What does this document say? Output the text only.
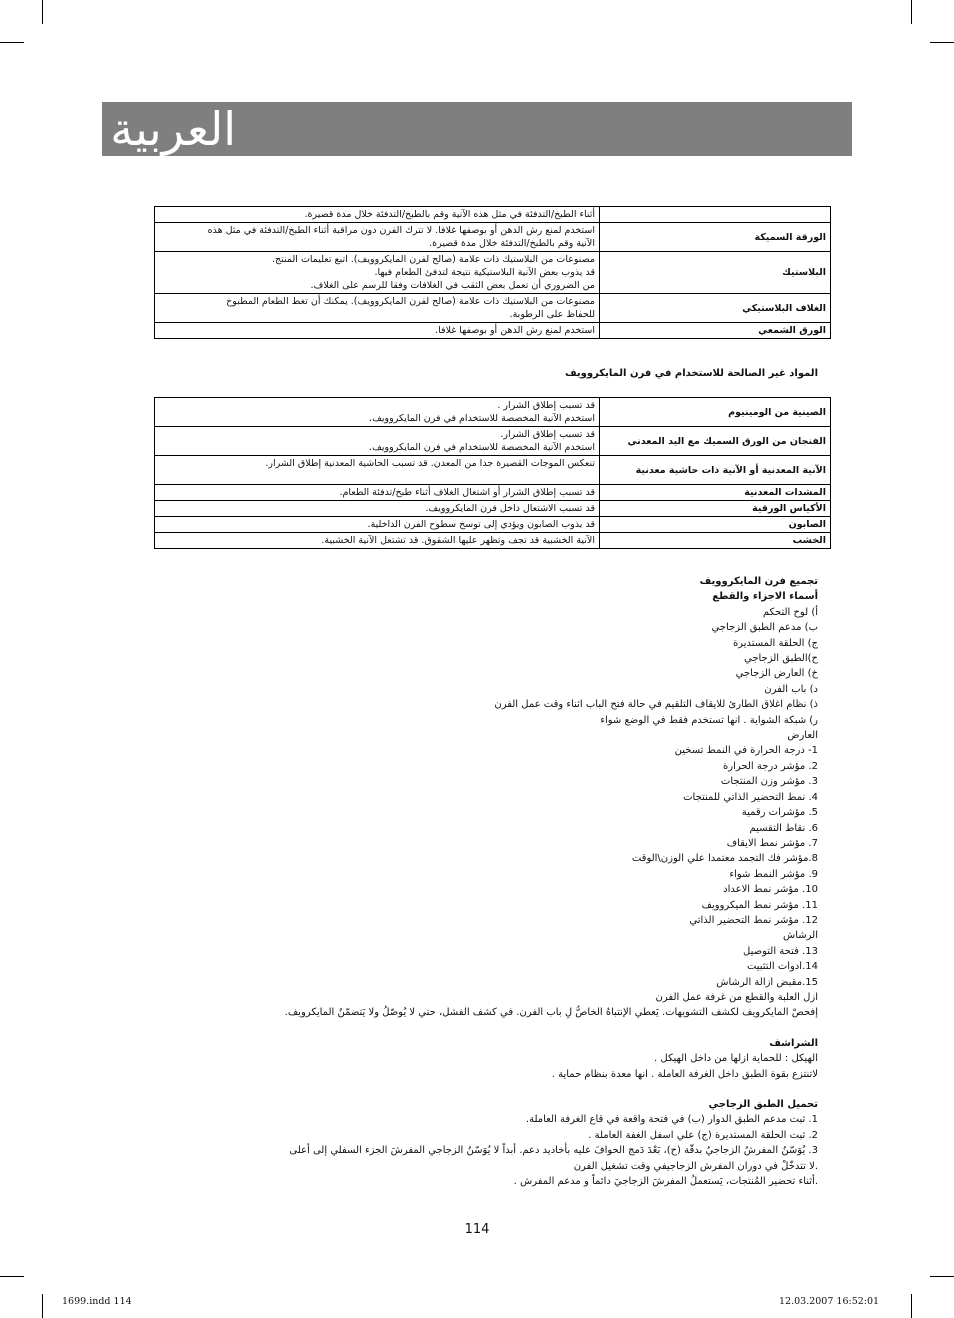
العربية

	أثناء الطبخ/التدفئة في مثل هذه الآنية وقم بالطبخ/التدفئة خلال مدة قصيرة.

الورقة السميكة	استخدم لمنع رش الدهن أو بوصفها غلافا. لا تترك الفرن دون مراقبة أثناء الطبخ/التدفئة في مثل هذه
الآنية وقم بالطبخ/التدفئة خلال مدة قصيرة.

البلاستيك	مصنوعات من البلاستيك ذات علامة (صالح لفرن المايكروويف). اتبع تعليمات المنتج.
قد يذوب بعض الآنية البلاستيكية نتيجة لتدفئ الطعام فيها.
من الضروري أن تعمل بعض الثقب في الغلافات وفقا للرسم على الغلاف.

الغلاف البلاستيكي	مصنوعات من البلاستيك ذات علامة (صالح لفرن المايكروويف). يمكنك أن تغط الطعام المطبوخ
للحفاظ على الرطوبة.

الورق الشمعي	استخدم لمنع رش الدهن أو بوصفها غلافا.
المواد غير الصالحة للاستخدام في فرن المايكروويف
الصينية من الومينيوم	قد تسبب إطلاق الشرار .
استخدم الآنية المخصصة للاستخدام في فرن المايكروويف.

الفنجان من الورق السميك مع اليد المعدني	قد تسبب إطلاق الشرار.
استخدم الآنية المخصصة للاستخدام في فرن المايكروويف.

الآنية المعدنية أو الآنية ذات حاشية معدنية	تنعكس الموجات القصيرة جدا من المعدن. قد تسبب الحاشية المعدنية إطلاق الشرار.

المشدات المعدنية	قد تسبب إطلاق الشرار أو اشتعال الغلاف أثناء طبخ/تدفئة الطعام.

الأكياس الورقية	قد تسبب الاشتعال داخل فرن المايكروويف.

الصابون	قد يذوب الصابون ويؤدي إلى توسخ سطوح الفرن الداخلية.

الخشب	الآنية الخشبية قد تجف وتظهر عليها الشقوق. قد تشتعل الآنية الخشبية.
تجميع فرن المايكروويف
أسماء الاجزاء والقطع
أ) لوح التحكم
ب) مدعم الطبق الزجاجي
ج) الحلقة المستديرة
ح)الطبق الزجاجي
خ) العارض الزجاجي
د) باب الفرن
ذ) نظام اغلاق الطارئ للايقاف التلقيم في حالة فتح الباب اثناء وقت عمل الفرن
ر) شبكة الشواية . انها تستخدم فقط في الوضع شواء
العارض
1- درجة الحرارة في النمط تسخين
2. مؤشر درجة الحرارة
3. مؤشر وزن المنتجات
4. نمط التحضير الذاتي للمنتجات
5. مؤشرات رقمية
6. نقاط التقسيم
7. مؤشر نمط الايقاف
8.مؤشر فك التجمد معتمدا علي الوزن\الوقت
9. مؤشر النمط شواء
10. مؤشر نمط الاعداد
11. مؤشر نمط الميكروويف
12. مؤشر نمط التحضير الذاتي
الرشاش
13. فتحة التوصيل
14.ادوات التثبيت
15.مقبض ازالة الرشاش
ازل العلبة والقطع من غرفة عمل الفرن
إفحصْ المايكرويف لكشف التشويهات. يَعطي الإنتباهُ الخاصُّ لِ باب الفرن. في كشف الفشل، حتي لا يُوصّلُ ولا يَتضمّنُ المايكرويف.
الشراشف
الهيكل : للحماية ازلها من داخل الهيكل .
لاتنتزع بقوة الطبق داخل الغرفة العاملة . انها معدة بنظام حماية .
تحميل الطبق الزجاجي
1. ثبت مدعم الطبق الدوار (ب) في فتحة واقعة في قاع الغرفة العاملة.
2. ثبت الحلقة المستديرة (ج) علي اسفل الغفة العاملة .
3. يُوَسّنُ المفرشُ الزجاجيُ بدقّة (ح)، بَعْدَ دَمج الحوافَ عليه بأخاديد دعم. أبداً لا يُوَسّنُ الزجاجي المفرشَ الجزء السفلي إلى أعلى
.لا تتدخّلْ في دوران المفرش الزجاجيفي وقت تشغيل الفرن
.أثناء تحضير المُنتجات، يَستعملُ المفرشَ الزجاجيَ دائماً و مدعم المفرش .
114
1699.indd 114	12.03.2007 16:52:01
